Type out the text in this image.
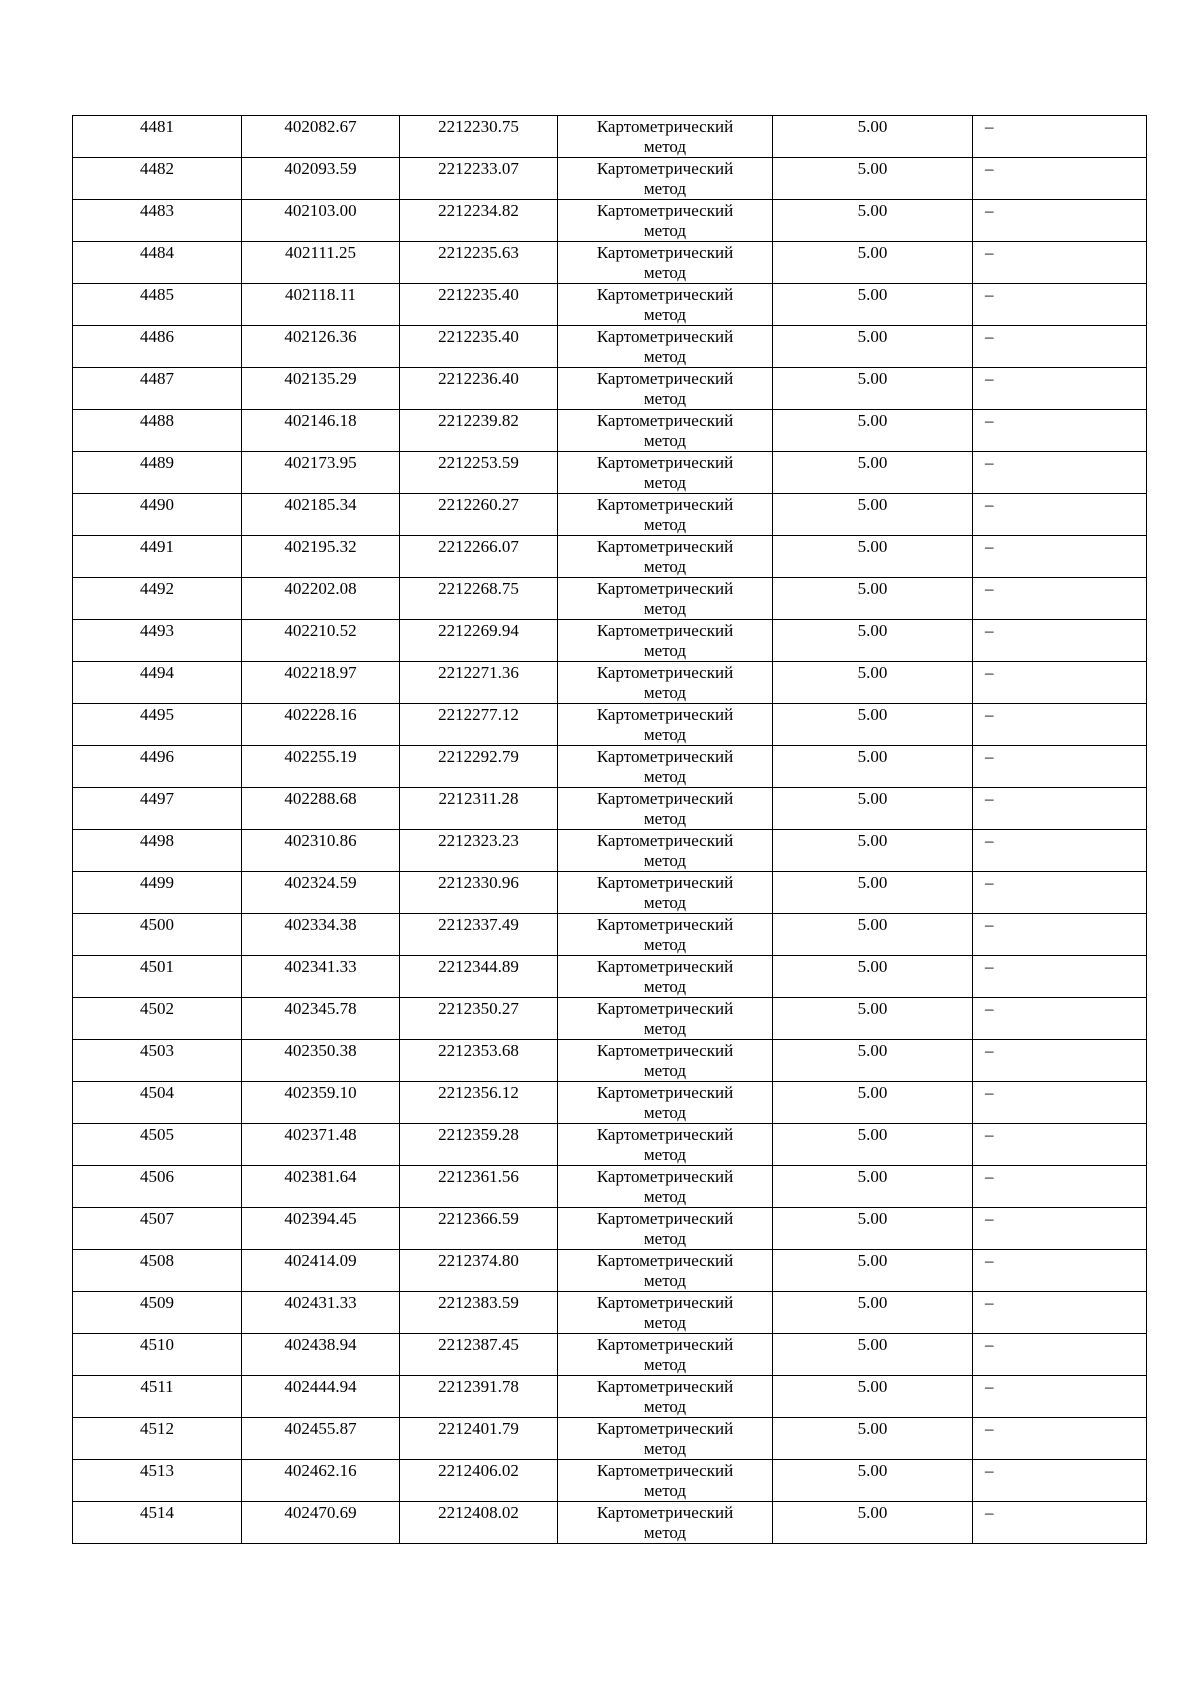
4481	402082.67	2212230.75	Картометрический метод	5.00	–

4482	402093.59	2212233.07	Картометрический метод	5.00	–

4483	402103.00	2212234.82	Картометрический метод	5.00	–

4484	402111.25	2212235.63	Картометрический метод	5.00	–

4485	402118.11	2212235.40	Картометрический метод	5.00	–

4486	402126.36	2212235.40	Картометрический метод	5.00	–

4487	402135.29	2212236.40	Картометрический метод	5.00	–

4488	402146.18	2212239.82	Картометрический метод	5.00	–

4489	402173.95	2212253.59	Картометрический метод	5.00	–

4490	402185.34	2212260.27	Картометрический метод	5.00	–

4491	402195.32	2212266.07	Картометрический метод	5.00	–

4492	402202.08	2212268.75	Картометрический метод	5.00	–

4493	402210.52	2212269.94	Картометрический метод	5.00	–

4494	402218.97	2212271.36	Картометрический метод	5.00	–

4495	402228.16	2212277.12	Картометрический метод	5.00	–

4496	402255.19	2212292.79	Картометрический метод	5.00	–

4497	402288.68	2212311.28	Картометрический метод	5.00	–

4498	402310.86	2212323.23	Картометрический метод	5.00	–

4499	402324.59	2212330.96	Картометрический метод	5.00	–

4500	402334.38	2212337.49	Картометрический метод	5.00	–

4501	402341.33	2212344.89	Картометрический метод	5.00	–

4502	402345.78	2212350.27	Картометрический метод	5.00	–

4503	402350.38	2212353.68	Картометрический метод	5.00	–

4504	402359.10	2212356.12	Картометрический метод	5.00	–

4505	402371.48	2212359.28	Картометрический метод	5.00	–

4506	402381.64	2212361.56	Картометрический метод	5.00	–

4507	402394.45	2212366.59	Картометрический метод	5.00	–

4508	402414.09	2212374.80	Картометрический метод	5.00	–

4509	402431.33	2212383.59	Картометрический метод	5.00	–

4510	402438.94	2212387.45	Картометрический метод	5.00	–

4511	402444.94	2212391.78	Картометрический метод	5.00	–

4512	402455.87	2212401.79	Картометрический метод	5.00	–

4513	402462.16	2212406.02	Картометрический метод	5.00	–

4514	402470.69	2212408.02	Картометрический метод	5.00	–
